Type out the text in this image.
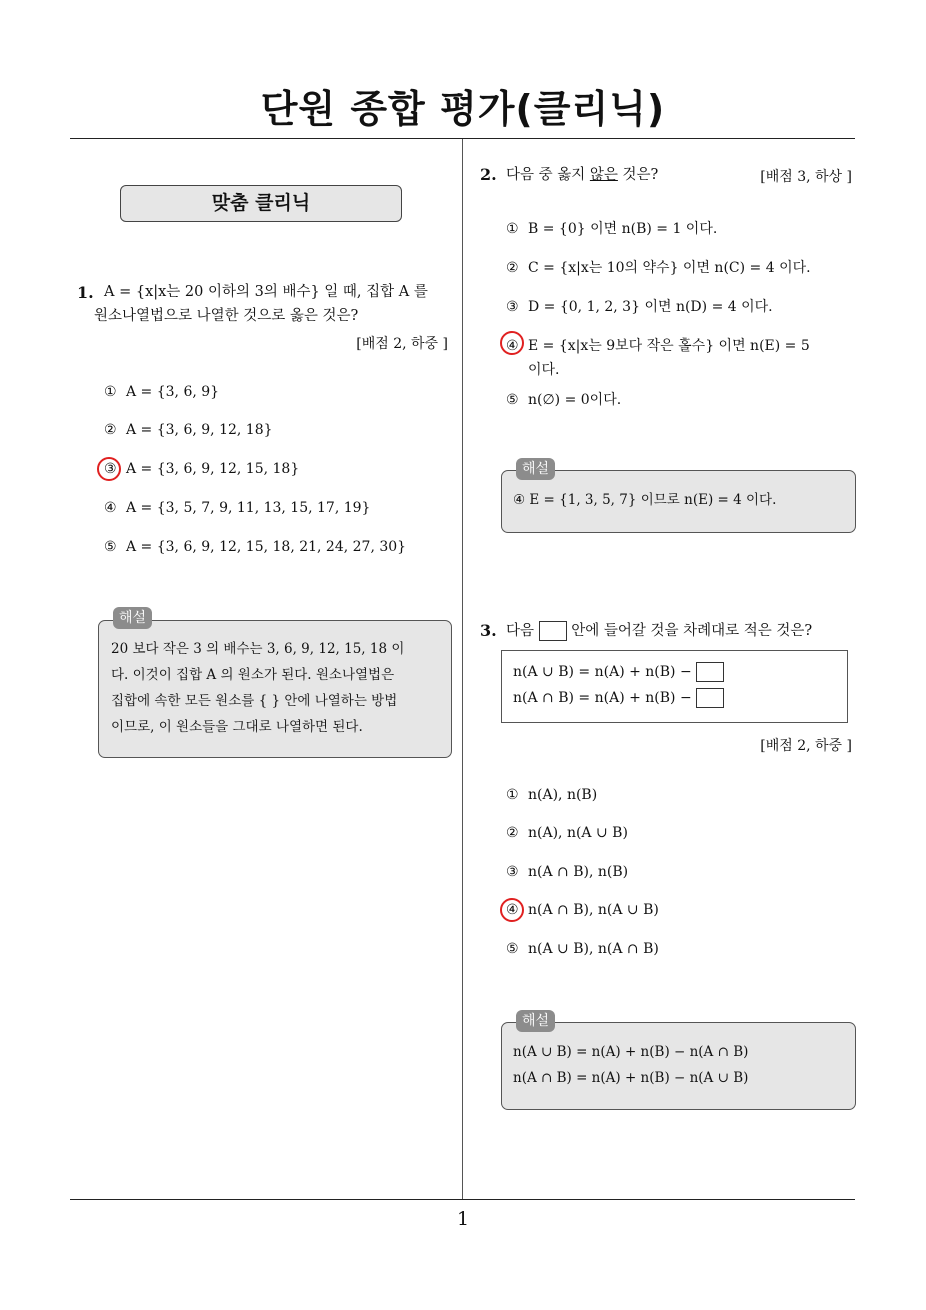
단원 종합 평가(클리닉)
맞춤 클리닉
1. A = {x|x는 20 이하의 3의 배수} 일 때, 집합 A 를
원소나열법으로 나열한 것으로 옳은 것은?
[배점 2, 하중 ]
① A = {3, 6, 9}
② A = {3, 6, 9, 12, 18}
③ A = {3, 6, 9, 12, 15, 18}
④ A = {3, 5, 7, 9, 11, 13, 15, 17, 19}
⑤ A = {3, 6, 9, 12, 15, 18, 21, 24, 27, 30}
해설
20 보다 작은 3 의 배수는 3, 6, 9, 12, 15, 18 이
다. 이것이 집합 A 의 원소가 된다. 원소나열법은
집합에 속한 모든 원소를 { } 안에 나열하는 방법
이므로, 이 원소들을 그대로 나열하면 된다.
2. 다음 중 옳지 않은 것은?	[배점 3, 하상 ]
① B = {0} 이면 n(B) = 1 이다.
② C = {x|x는 10의 약수} 이면 n(C) = 4 이다.
③ D = {0, 1, 2, 3} 이면 n(D) = 4 이다.
④ E = {x|x는 9보다 작은 홀수} 이면 n(E) = 5
이다.
⑤ n(∅) = 0이다.
해설
④ E = {1, 3, 5, 7} 이므로 n(E) = 4 이다.
3. 다음	안에 들어갈 것을 차례대로 적은 것은?
n(A ∪ B) = n(A) + n(B) −
n(A ∩ B) = n(A) + n(B) −
[배점 2, 하중 ]
① n(A), n(B)
② n(A), n(A ∪ B)
③ n(A ∩ B), n(B)
④ n(A ∩ B), n(A ∪ B)
⑤ n(A ∪ B), n(A ∩ B)
해설
n(A ∪ B) = n(A) + n(B) − n(A ∩ B)
n(A ∩ B) = n(A) + n(B) − n(A ∪ B)
1
